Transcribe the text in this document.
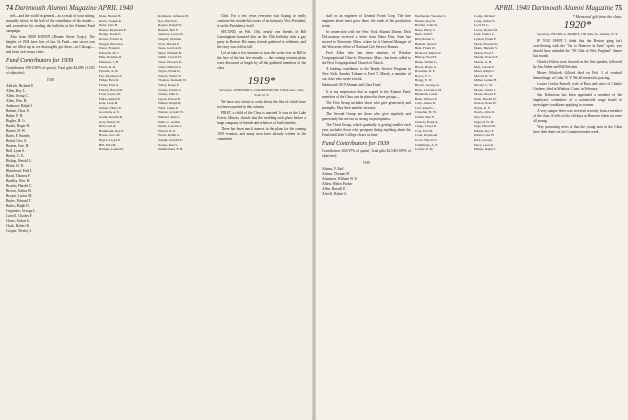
74 Dartmouth Alumni Magazine APRIL 1940

self—and the world in general—as a result of your sitting, mutually silent, in the hall of the contributor of his mouth—and yourselves by reading the bulletin of the Alumni Fund campaign.

Also from BOB HAVEN (Dennis Street Corp.): The heights of 1934 have lots of fun. In Fund—one secret was that we filled up as we thoroughly got there—in Chicago—and from over many cities.

Fund Contributors for 1939

Contributors 199 (100% of quota). Total gifts $3,699. (113% of objective).

1918
Aldrich, Richard E.
Allen, Roy L.
Allen, Irving C.
Allen, Wm. H.
Ambrose, Ralph J.
Bahner, Chas. E.
Baker, F. H.
Bagley, H. G.
Banks, Roger H.
Barnet, H. W.
Bates, F. Stanley
Beard, Geo. S.
Beaton, Geo. H.
Bell, Lynn S.
Bemis, C. E.
Bishop, Harold L.
Blake, H. N.
Blanchard, Fred L.
Bond, Thomas F.
Bradley, Wm. R.
Brooks, Harold C.
Brown, Arthur W.
Bryant, Lucius M.
Burke, Edward T.
Butler, Ralph D.
Carpenter, George L.
Carroll, Charles F.
Chase, Arthur S.
Clark, Robert R.
Cooper, Wesley J.
Dana, Harold H.
Davis, Joseph R.
Dean, Lyle H.
Dexter, Raymond P.
Dodge, Frank F.
Downs, Edwin A.
Durgin, Harold A.
Eaton, Frank R.
Edwards, M. J.
Ellis, Norman D.
Emerson, J. B.
Evans, R. R.
Farnum, A. H.
Fay, Raymond F.
Fisher, Bert D.
Foster, Fred A.
French, Harold E.
Frost, Lester M.
Fuller, Ralph B.
Gale, Leon H.
Gilbert, Harry E.
Goodwin, A. E.
Gould, Ronald R.
Gray, Henry W.
Hall, Carl R.
Hammond, Roy E.
Harris, Geo. M.
Hayes, Lloyd P.
Hill, Earl M.
Holmes, Leland F.
Robinson, Jefferson B.
Roe, Harold L.
Rogers, Ralph W.
Russell, Ben F.
Sanborn, Lewis H.
Sargent, Norman
Scott, Harold E.
Sears, Gordon H.
Shaw, William B.
Smith, Carroll H.
Snow, Howard K.
Stone, Herbert A.
Taylor, Frank D.
Thayer, Walter E.
Thomas, Kenneth W.
Tobey, Roger F.
Tucker, Edwin L.
Turner, John S.
Upton, Ernest B.
Walker, Ralph R.
Ward, James P.
Warren, Lowell W.
Webster, Paul L.
Wells, C. Arthur
White, Lawrence
Wilson, R. E.
Wood, Rollin G.
Wright, Donald E.
Young, Karl L.
Zimmerman, P. H.

Club. For a few years everyone was hoping to really continue the wonderful course of an honorary Vice President; it on the Presidency itself.

SECOND, on Feb. 15th, nearly one friends of Bill Cunningham honored him on his 15th birthday with a gay party in Boston. His many friends gathered to celebrate, and the story was told in full.

Let us take a few minutes to turn the scene over to Bill in the face of the last few months — the coming reunion plans were discussed at length by all the gathered members of the class.

1919*

Secretary, WINDSOR G. GOODENOUGH, 6 Park Ave., New York, N. Y.

We have two events to write about, the like of which have not been reported in this column.

FIRST, a child of the Class is married. It was in the Lake Forest, Illinois, church that the wedding took place before a large company of friends and relatives of both families.

There has been much interest in the plans for the coming 1919 reunion, and many men have already written to the committee.

APRIL 1940 Dartmouth Alumni Magazine 75

staff as an engineer of General Foods Corp. The fine engineer alone must grow there, the trade of the production scene.

In connection with the New York Alumni Dinner, Dick DeLourmay received a letter from Dana Fitts, Sans has moved to Worcester, Mass. where he is General Manager of the Worcester office of National Life Service Bureau.

Fred Allen who has been minister of Windsor Congregational Church, Worcester, Mass., has been called to the First Congregational Church of Natick.

A leading contributor to the Ready Service Program in New York, Sunday Tribune is Fred T. Marsh, a member of our class who wrote a book.

Dartmouth 1919 Alumni and Class Fund

It is my impression that in regard to the Alumni Fund, members of the Class can be placed in three groups—

The First Group includes those who give generously and promptly. May their number increase.

The Second Group are those who give regularly and generously but are not so strong on promptness.

The Third Group, which gradually is getting smaller each year, includes those who postpone doing anything about the Fund until after College closes in June.

Fund Contributors for 1939

Contributors 160 (97% of quota). Total gifts $2,548 (109% of objective).

1919
Adams, F. Earl
Adams, Thomas H.
Adamson, William W. E.
Alden, Walter Parker
Allen, Russell E.
Alwell, Robert S.
Batchelder, Wescher C.
Barnes, Roy R.
Bartlett, John W.
Bates, Harry S.
Bean, Seth F.
Bell, Robert L.
Bennett, Alan S.
Bent, Frank W.
Bickford, Ralph W.
Bishop, Fred H.
Blake, Walter G.
Blood, Harry A.
Bowman, R. E.
Boyce, F. L.
Bragg, E. W.
Brown, George A.
Buck, Lawrence M.
Burnham, Lester
Bush, Willard P.
Cady, James D.
Carr, Ralph L.
Chandler, H. W.
Childs, Bert E.
Church, Frank A.
Clapp, Lloyd D.
Cole, Earl H.
Cook, Raymond
Cross, Harold S.
Cummings, A. E.
Currier, P. M.
Lodge, Richard
Long, Arthur E.
Lord, H. L.
Lucas, Robert M.
Lunt, Walter C.
Lyman, Frank E.
Mack, Howard K.
Mann, Bennett S.
Marsh, Fred T.
Martin, Everett E.
Mason, A. B.
May, Carroll P.
Mead, Ralph J.
Merrill, R. W.
Miller, Luther H.
Moody, C. W.
Moore, Albert J.
Morse, Ernest E.
Nash, Harold W.
Nelson, Peter H.
Noble, R. F.
Norris, John D.
Nye, Fred A.
Osgood, W. H.
Page, Harold B.
Palmer, Roy F.
Parker, Carl H.
Peck, George
Perry, Leon R.
Phelps, Ralph C.
* Memorial gift from the class.

1920*

Secretary, FRANK A. MOREY, 158 State St., Albany, N. Y.

IF YOU HAVE I think that the Boston gang isn't overflowing with the "On to Hanover in June" spirit, you should have attended the "20 Club of New England" dinner last month.

Charles Fulton went forward as the first speaker, followed by Jim Alden and Bill Kitchen.

Moses Whitlock Gilford died on Feb. 3 of cerebral hemorrhage, at Cuba, N. Y. We all mourn his passing.

Louise Corliss Russell, wife of Russ and sister of Charlie Gruhere, died in Windsor, Conn. in February.

Jim Robertson has been appointed a member of the employers' committee of a nationwide wage board to investigate conditions applying to women.

A very unique letter was received recently from a member of the class. It tells of the old days at Hanover when we were all young.

Very promising news is that the young men in the Class have their dates set for Commencement week.
